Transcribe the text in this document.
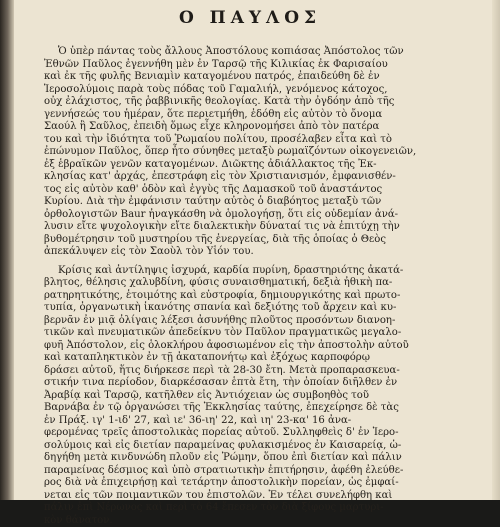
Ο ΠΑΥΛΟΣ
Ὁ ὑπὲρ πάντας τοὺς ἄλλους Ἀποστόλους κοπιάσας Ἀπόστολος τῶν
Ἐθνῶν Παῦλος ἐγεννήθη μὲν ἐν Ταρσῷ τῆς Κιλικίας ἐκ Φαρισαίου
καὶ ἐκ τῆς φυλῆς Βενιαμὶν καταγομένου πατρός, ἐπαιδεύθη δὲ ἐν
Ἱεροσολύμοις παρὰ τοὺς πόδας τοῦ Γαμαλιήλ, γενόμενος κάτοχος,
οὐχ ἐλάχιστος, τῆς ῥαββινικῆς θεολογίας. Κατὰ τὴν ὀγδόην ἀπὸ τῆς
γεννήσεώς του ἡμέραν, ὅτε περιετμήθη, ἐδόθη εἰς αὐτὸν τὸ ὄνομα
Σαούλ ἢ Σαῦλος, ἐπειδὴ ὅμως εἶχε κληρονομήσει ἀπὸ τὸν πατέρα
του καὶ τὴν ἰδιότητα τοῦ Ῥωμαίου πολίτου, προσέλαβεν εἶτα καὶ τὸ
ἐπώνυμον Παῦλος, ὅπερ ἦτο σύνηθες μεταξὺ ρωμαϊζόντων οἰκογενειῶν,
ἐξ ἑβραϊκῶν γενῶν καταγομένων. Διῶκτης ἀδιάλλακτος τῆς Ἐκ-
κλησίας κατ' ἀρχάς, ἐπεστράφη εἰς τὸν Χριστιανισμόν, ἐμφανισθέν-
τος εἰς αὐτὸν καθ' ὁδὸν καὶ ἐγγὺς τῆς Δαμασκοῦ τοῦ ἀναστάντος
Κυρίου. Διὰ τὴν ἐμφάνισιν ταύτην αὐτὸς ὁ διαβόητος μεταξὺ τῶν
ὀρθολογιστῶν Baur ἠναγκάσθη νὰ ὁμολογήσῃ, ὅτι εἰς οὐδεμίαν ἀνά-
λυσιν εἴτε ψυχολογικὴν εἴτε διαλεκτικὴν δύναταί τις νὰ ἐπιτύχῃ τὴν
βυθομέτρησιν τοῦ μυστηρίου τῆς ἐνεργείας, διὰ τῆς ὁποίας ὁ Θεὸς
ἀπεκάλυψεν εἰς τὸν Σαοὺλ τὸν Υἱόν του.
Κρίσις καὶ ἀντίληψις ἰσχυρά, καρδία πυρίνη, δραστηριότης ἀκατά-
βλητος, θέλησις χαλυβδίνη, φύσις συναισθηματική, δεξιὰ ἠθικὴ πα-
ρατηρητικότης, ἑτοιμότης καὶ εὐστροφία, δημιουργικότης καὶ πρωτο-
τυπία, ὀργανωτικὴ ἱκανότης σπανία καὶ δεξιότης τοῦ ἄρχειν καὶ κυ-
βερνᾶν ἐν μιᾷ ὀλίγαις λέξεσι ἀσυνήθης πλοῦτος προσόντων διανοη-
τικῶν καὶ πνευματικῶν ἀπεδείκνυ τὸν Παῦλον πραγματικῶς μεγαλο-
φυῆ Ἀπόστολον, εἰς ὁλοκλήρου ἀφοσιωμένον εἰς τὴν ἀποστολὴν αὐτοῦ
καὶ καταπληκτικὸν ἐν τῇ ἀκαταπονήτῳ καὶ ἐξόχως καρποφόρῳ
δράσει αὐτοῦ, ἥτις διήρκεσε περὶ τὰ 28-30 ἔτη. Μετὰ προπαρασκευα-
στικήν τινα περίοδον, διαρκέσασαν ἑπτὰ ἔτη, τὴν ὁποίαν διῆλθεν ἐν
Ἀραβίᾳ καὶ Ταρσῷ, κατῆλθεν εἰς Ἀντιόχειαν ὡς συμβοηθὸς τοῦ
Βαρνάβα ἐν τῷ ὀργανώσει τῆς Ἐκκλησίας ταύτης, ἐπεχείρησε δὲ τὰς
ἐν Πράξ. ιγ' 1-ιδ' 27, καὶ ιε' 36-ιη' 22, καὶ ιη' 23-κα' 16 ἀνα-
φερομένας τρεῖς ἀποστολικὰς πορείας αὐτοῦ. Συλληφθεὶς δ' ἐν Ἱερο-
σολύμοις καὶ εἰς διετίαν παραμείνας φυλακισμένος ἐν Καισαρείᾳ, ὡ-
δηγήθη μετὰ κινδυνώδη πλοῦν εἰς Ῥώμην, ὅπου ἐπὶ διετίαν καὶ πάλιν
παραμείνας δέσμιος καὶ ὑπὸ στρατιωτικὴν ἐπιτήρησιν, ἀφέθη ἐλεύθε-
ρος διὰ νὰ ἐπιχειρήσῃ καὶ τετάρτην ἀποστολικὴν πορείαν, ὡς ἐμφαί-
νεται εἰς τῶν ποιμαντικῶν του ἐπιστολῶν. Ἐν τέλει συνελήφθη καὶ
πάλιν ἐπὶ Νέρωνος καὶ περὶ τὸ 64 ἔπεσεν τὸν διὰ ξίφους μαρτυρι-
κὸν θάνατον.
